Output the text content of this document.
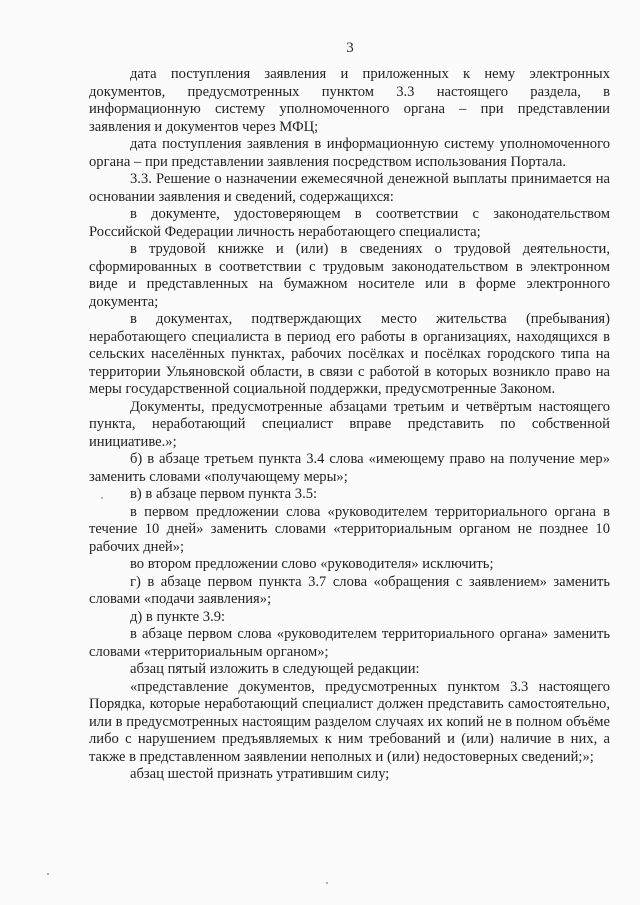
3

дата поступления заявления и приложенных к нему электронных документов, предусмотренных пунктом 3.3 настоящего раздела, в информационную систему уполномоченного органа – при представлении заявления и документов через МФЦ;

дата поступления заявления в информационную систему уполномоченного органа – при представлении заявления посредством использования Портала.

3.3. Решение о назначении ежемесячной денежной выплаты принимается на основании заявления и сведений, содержащихся:

в документе, удостоверяющем в соответствии с законодательством Российской Федерации личность неработающего специалиста;

в трудовой книжке и (или) в сведениях о трудовой деятельности, сформированных в соответствии с трудовым законодательством в электронном виде и представленных на бумажном носителе или в форме электронного документа;

в документах, подтверждающих место жительства (пребывания) неработающего специалиста в период его работы в организациях, находящихся в сельских населённых пунктах, рабочих посёлках и посёлках городского типа на территории Ульяновской области, в связи с работой в которых возникло право на меры государственной социальной поддержки, предусмотренные Законом.

Документы, предусмотренные абзацами третьим и четвёртым настоящего пункта, неработающий специалист вправе представить по собственной инициативе.»;

б) в абзаце третьем пункта 3.4 слова «имеющему право на получение мер» заменить словами «получающему меры»;

в) в абзаце первом пункта 3.5:

в первом предложении слова «руководителем территориального органа в течение 10 дней» заменить словами «территориальным органом не позднее 10 рабочих дней»;

во втором предложении слово «руководителя» исключить;

г) в абзаце первом пункта 3.7 слова «обращения с заявлением» заменить словами «подачи заявления»;

д) в пункте 3.9:

в абзаце первом слова «руководителем территориального органа» заменить словами «территориальным органом»;

абзац пятый изложить в следующей редакции:

«представление документов, предусмотренных пунктом 3.3 настоящего Порядка, которые неработающий специалист должен представить самостоятельно, или в предусмотренных настоящим разделом случаях их копий не в полном объёме либо с нарушением предъявляемых к ним требований и (или) наличие в них, а также в представленном заявлении неполных и (или) недостоверных сведений;»;

абзац шестой признать утратившим силу;
